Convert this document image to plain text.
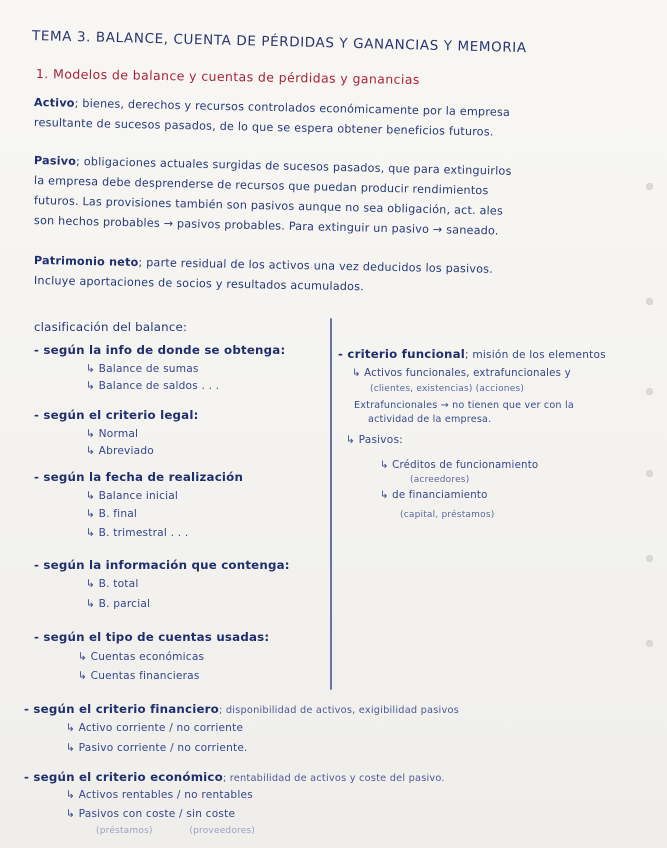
TEMA 3. BALANCE, CUENTA DE PÉRDIDAS Y GANANCIAS Y MEMORIA
1. Modelos de balance y cuentas de pérdidas y ganancias
Activo; bienes, derechos y recursos controlados económicamente por la empresa
resultante de sucesos pasados, de lo que se espera obtener beneficios futuros.
Pasivo; obligaciones actuales surgidas de sucesos pasados, que para extinguirlos
la empresa debe desprenderse de recursos que puedan producir rendimientos
futuros. Las provisiones también son pasivos aunque no sea obligación, act. ales
son hechos probables → pasivos probables. Para extinguir un pasivo → saneado.
Patrimonio neto; parte residual de los activos una vez deducidos los pasivos.
Incluye aportaciones de socios y resultados acumulados.
clasificación del balance:
- según la info de donde se obtenga:
↳ Balance de sumas
↳ Balance de saldos . . .
- según el criterio legal:
↳ Normal
↳ Abreviado
- según la fecha de realización
↳ Balance inicial
↳ B. final
↳ B. trimestral . . .
- según la información que contenga:
↳ B. total
↳ B. parcial
- según el tipo de cuentas usadas:
↳ Cuentas económicas
↳ Cuentas financieras
- criterio funcional; misión de los elementos
↳ Activos funcionales, extrafuncionales y
(clientes, existencias) (acciones)
Extrafuncionales → no tienen que ver con la
actividad de la empresa.
↳ Pasivos:
↳ Créditos de funcionamiento
(acreedores)
↳ de financiamiento
(capital, préstamos)
- según el criterio financiero; disponibilidad de activos, exigibilidad pasivos
↳ Activo corriente / no corriente
↳ Pasivo corriente / no corriente.
- según el criterio económico; rentabilidad de activos y coste del pasivo.
↳ Activos rentables / no rentables
↳ Pasivos con coste / sin coste
(préstamos)            (proveedores)
